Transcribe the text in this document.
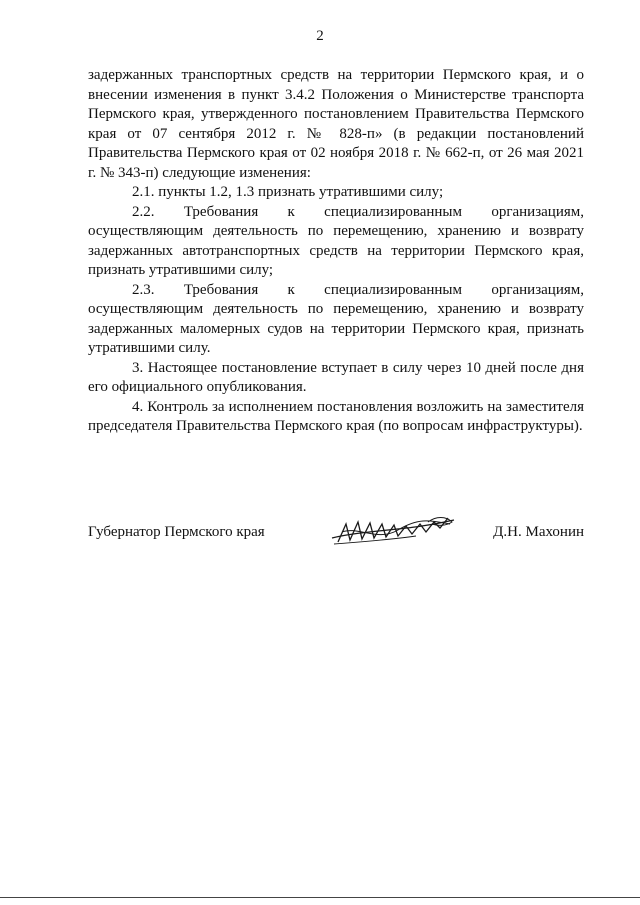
2

задержанных транспортных средств на территории Пермского края, и о внесении изменения в пункт 3.4.2 Положения о Министерстве транспорта Пермского края, утвержденного постановлением Правительства Пермского края от 07 сентября 2012 г. № 828-п» (в редакции постановлений Правительства Пермского края от 02 ноября 2018 г. № 662-п, от 26 мая 2021 г. № 343-п) следующие изменения:

2.1. пункты 1.2, 1.3 признать утратившими силу;

2.2. Требования к специализированным организациям, осуществляющим деятельность по перемещению, хранению и возврату задержанных автотранспортных средств на территории Пермского края, признать утратившими силу;

2.3. Требования к специализированным организациям, осуществляющим деятельность по перемещению, хранению и возврату задержанных маломерных судов на территории Пермского края, признать утратившими силу.

3. Настоящее постановление вступает в силу через 10 дней после дня его официального опубликования.

4. Контроль за исполнением постановления возложить на заместителя председателя Правительства Пермского края (по вопросам инфраструктуры).

Губернатор Пермского края	Д.Н. Махонин
